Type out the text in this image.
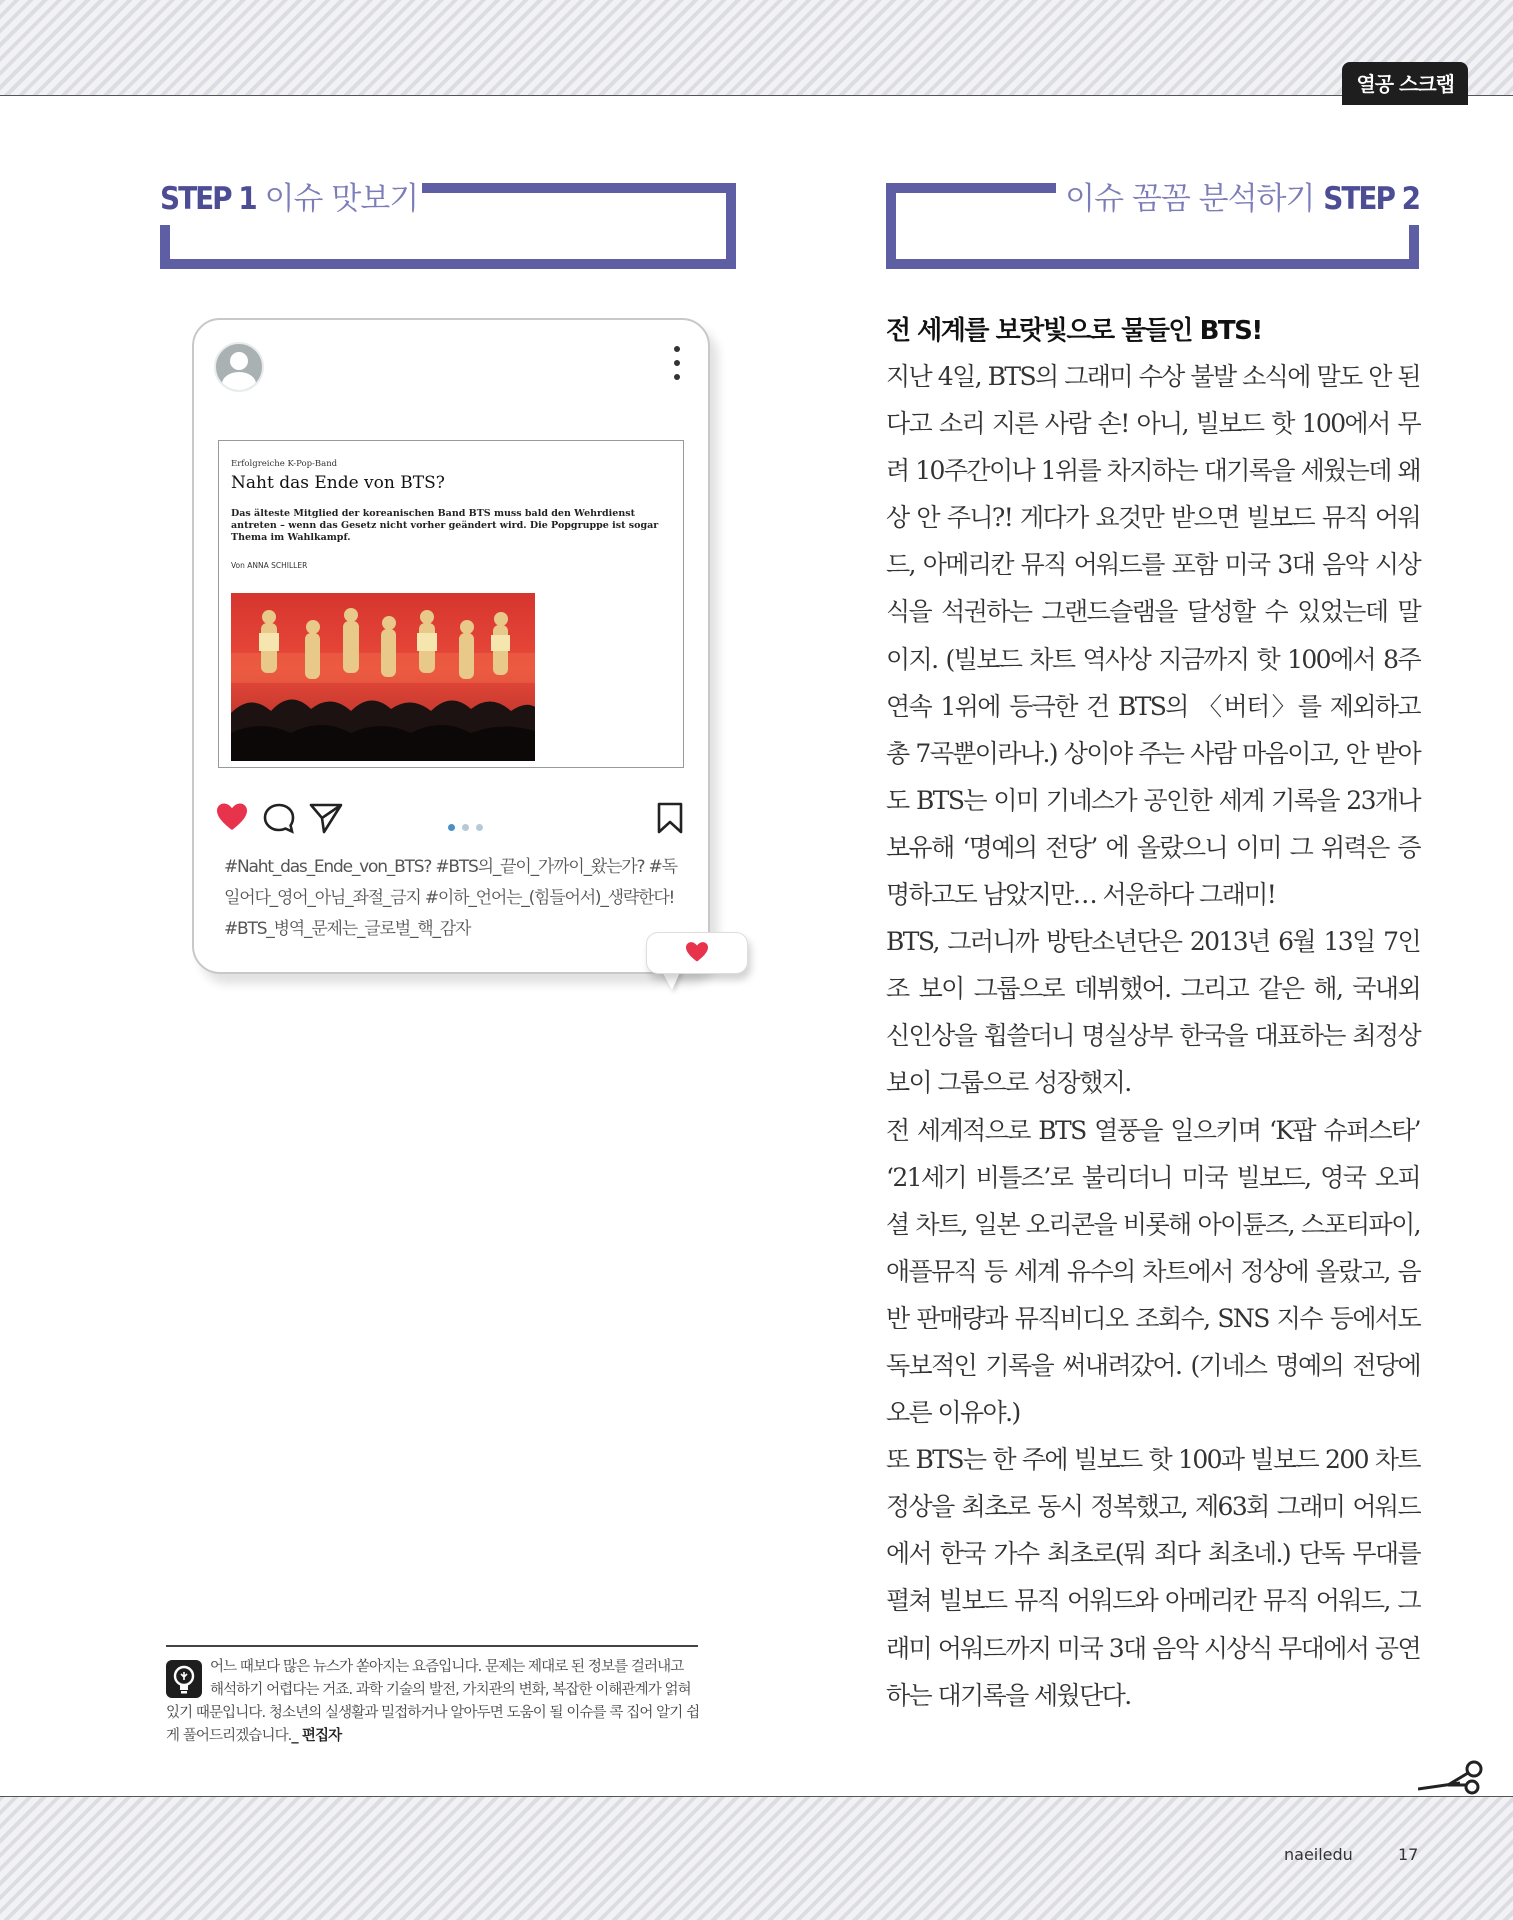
열공 스크랩
STEP 1 이슈 맛보기	이슈 꼼꼼 분석하기 STEP 2
Erfolgreiche K-Pop-Band
Naht das Ende von BTS?
Das älteste Mitglied der koreanischen Band BTS muss bald den Wehrdienst antreten – wenn das Gesetz nicht vorher geändert wird. Die Popgruppe ist sogar Thema im Wahlkampf.
Von ANNA SCHILLER
#Naht_das_Ende_von_BTS? #BTS의_끝이_가까이_왔는가? #독일어다_영어_아님_좌절_금지 #이하_언어는_(힘들어서)_생략한다! #BTS_병역_문제는_글로벌_핵_감자
어느 때보다 많은 뉴스가 쏟아지는 요즘입니다. 문제는 제대로 된 정보를 걸러내고 해석하기 어렵다는 거죠. 과학 기술의 발전, 가치관의 변화, 복잡한 이해관계가 얽혀 있기 때문입니다. 청소년의 실생활과 밀접하거나 알아두면 도움이 될 이슈를 콕 집어 알기 쉽게 풀어드리겠습니다._ 편집자
전 세계를 보랏빛으로 물들인 BTS!

지난 4일, BTS의 그래미 수상 불발 소식에 말도 안 된다고 소리 지른 사람 손! 아니, 빌보드 핫 100에서 무려 10주간이나 1위를 차지하는 대기록을 세웠는데 왜 상 안 주니?! 게다가 요것만 받으면 빌보드 뮤직 어워드, 아메리칸 뮤직 어워드를 포함 미국 3대 음악 시상식을 석권하는 그랜드슬램을 달성할 수 있었는데 말이지. (빌보드 차트 역사상 지금까지 핫 100에서 8주 연속 1위에 등극한 건 BTS의 〈버터〉를 제외하고 총 7곡뿐이라나.) 상이야 주는 사람 마음이고, 안 받아도 BTS는 이미 기네스가 공인한 세계 기록을 23개나 보유해 ‘명예의 전당’ 에 올랐으니 이미 그 위력은 증명하고도 남았지만… 서운하다 그래미!

BTS, 그러니까 방탄소년단은 2013년 6월 13일 7인조 보이 그룹으로 데뷔했어. 그리고 같은 해, 국내외 신인상을 휩쓸더니 명실상부 한국을 대표하는 최정상 보이 그룹으로 성장했지.

전 세계적으로 BTS 열풍을 일으키며 ‘K팝 슈퍼스타’ ‘21세기 비틀즈’로 불리더니 미국 빌보드, 영국 오피셜 차트, 일본 오리콘을 비롯해 아이튠즈, 스포티파이, 애플뮤직 등 세계 유수의 차트에서 정상에 올랐고, 음반 판매량과 뮤직비디오 조회수, SNS 지수 등에서도 독보적인 기록을 써내려갔어. (기네스 명예의 전당에 오른 이유야.)

또 BTS는 한 주에 빌보드 핫 100과 빌보드 200 차트 정상을 최초로 동시 정복했고, 제63회 그래미 어워드에서 한국 가수 최초로(뭐 죄다 최초네.) 단독 무대를 펼쳐 빌보드 뮤직 어워드와 아메리칸 뮤직 어워드, 그래미 어워드까지 미국 3대 음악 시상식 무대에서 공연하는 대기록을 세웠단다.

naeiledu	17
